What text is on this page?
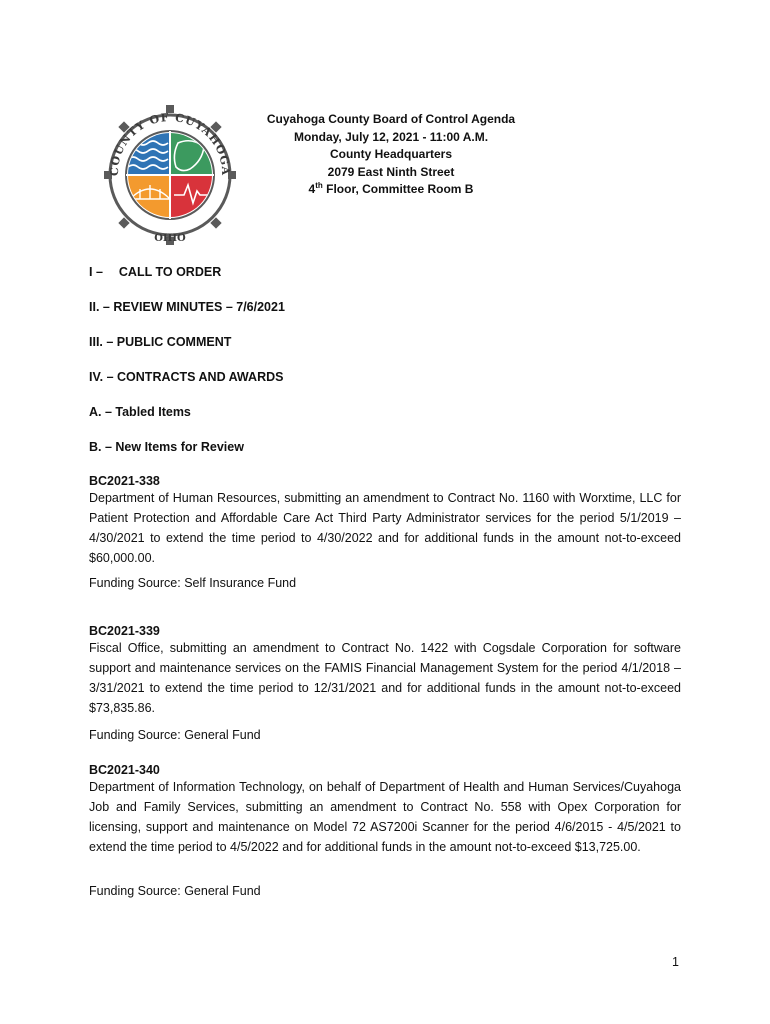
COUNTY OF CUYAHOGA
OHIO
Cuyahoga County Board of Control Agenda
Monday, July 12, 2021 - 11:00 A.M.
County Headquarters
2079 East Ninth Street
4th Floor, Committee Room B
I – CALL TO ORDER
II. – REVIEW MINUTES – 7/6/2021
III. – PUBLIC COMMENT
IV. – CONTRACTS AND AWARDS
A. – Tabled Items
B. – New Items for Review
BC2021-338
Department of Human Resources, submitting an amendment to Contract No. 1160 with Worxtime, LLC for Patient Protection and Affordable Care Act Third Party Administrator services for the period 5/1/2019 – 4/30/2021 to extend the time period to 4/30/2022 and for additional funds in the amount not-to-exceed $60,000.00.
Funding Source: Self Insurance Fund
BC2021-339
Fiscal Office, submitting an amendment to Contract No. 1422 with Cogsdale Corporation for software support and maintenance services on the FAMIS Financial Management System for the period 4/1/2018 – 3/31/2021 to extend the time period to 12/31/2021 and for additional funds in the amount not-to-exceed $73,835.86.
Funding Source: General Fund
BC2021-340
Department of Information Technology, on behalf of Department of Health and Human Services/Cuyahoga Job and Family Services, submitting an amendment to Contract No. 558 with Opex Corporation for licensing, support and maintenance on Model 72 AS7200i Scanner for the period 4/6/2015 - 4/5/2021 to extend the time period to 4/5/2022 and for additional funds in the amount not-to-exceed $13,725.00.
Funding Source: General Fund
1
